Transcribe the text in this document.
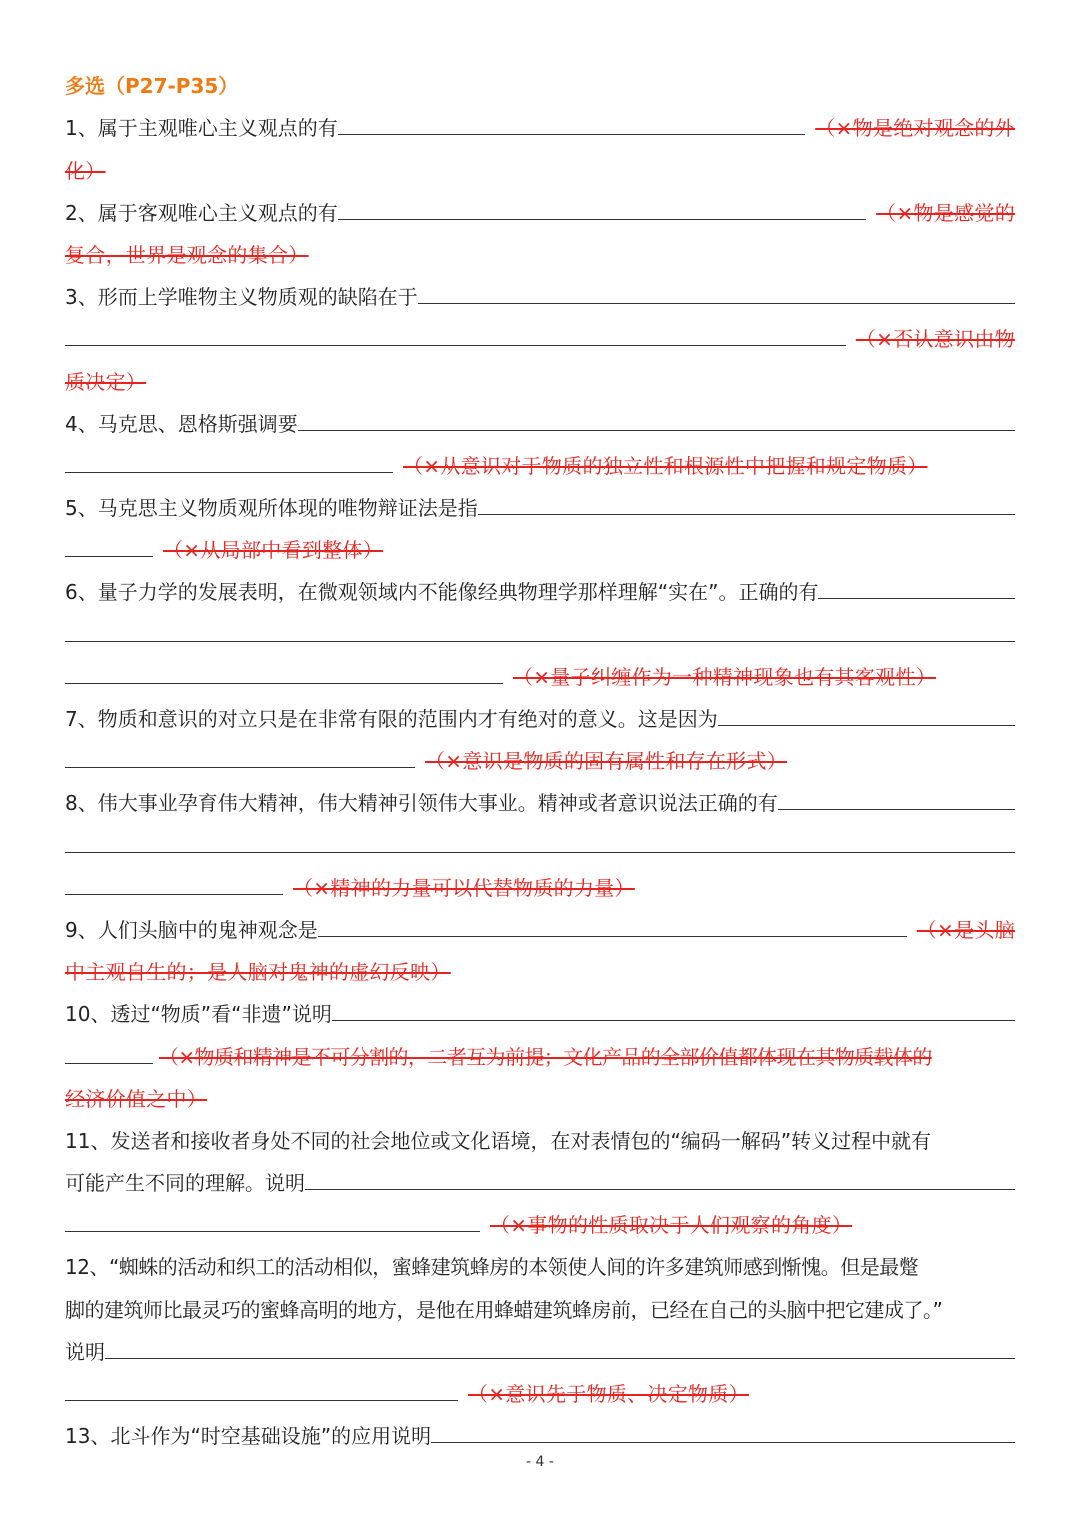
多选（P27-P35）
1、属于主观唯心主义观点的有	（×物是绝对观念的外
化）
2、属于客观唯心主义观点的有	（×物是感觉的
复合，世界是观念的集合）
3、形而上学唯物主义物质观的缺陷在于
（×否认意识由物
质决定）
4、马克思、恩格斯强调要
（×从意识对于物质的独立性和根源性中把握和规定物质）
5、马克思主义物质观所体现的唯物辩证法是指
（×从局部中看到整体）
6、量子力学的发展表明，在微观领域内不能像经典物理学那样理解“实在”。正确的有
（×量子纠缠作为一种精神现象也有其客观性）
7、物质和意识的对立只是在非常有限的范围内才有绝对的意义。这是因为
（×意识是物质的固有属性和存在形式）
8、伟大事业孕育伟大精神，伟大精神引领伟大事业。精神或者意识说法正确的有
（×精神的力量可以代替物质的力量）
9、人们头脑中的鬼神观念是	（×是头脑
中主观自生的；是人脑对鬼神的虚幻反映）
10、透过“物质”看“非遗”说明
（×物质和精神是不可分割的，二者互为前提；文化产品的全部价值都体现在其物质载体的
经济价值之中）
11、发送者和接收者身处不同的社会地位或文化语境，在对表情包的“编码一解码”转义过程中就有
可能产生不同的理解。说明
（×事物的性质取决于人们观察的角度）
12、“蜘蛛的活动和织工的活动相似，蜜蜂建筑蜂房的本领使人间的许多建筑师感到惭愧。但是最蹩
脚的建筑师比最灵巧的蜜蜂高明的地方，是他在用蜂蜡建筑蜂房前，已经在自己的头脑中把它建成了。”
说明
（×意识先于物质、决定物质）
13、北斗作为“时空基础设施”的应用说明
- 4 -
